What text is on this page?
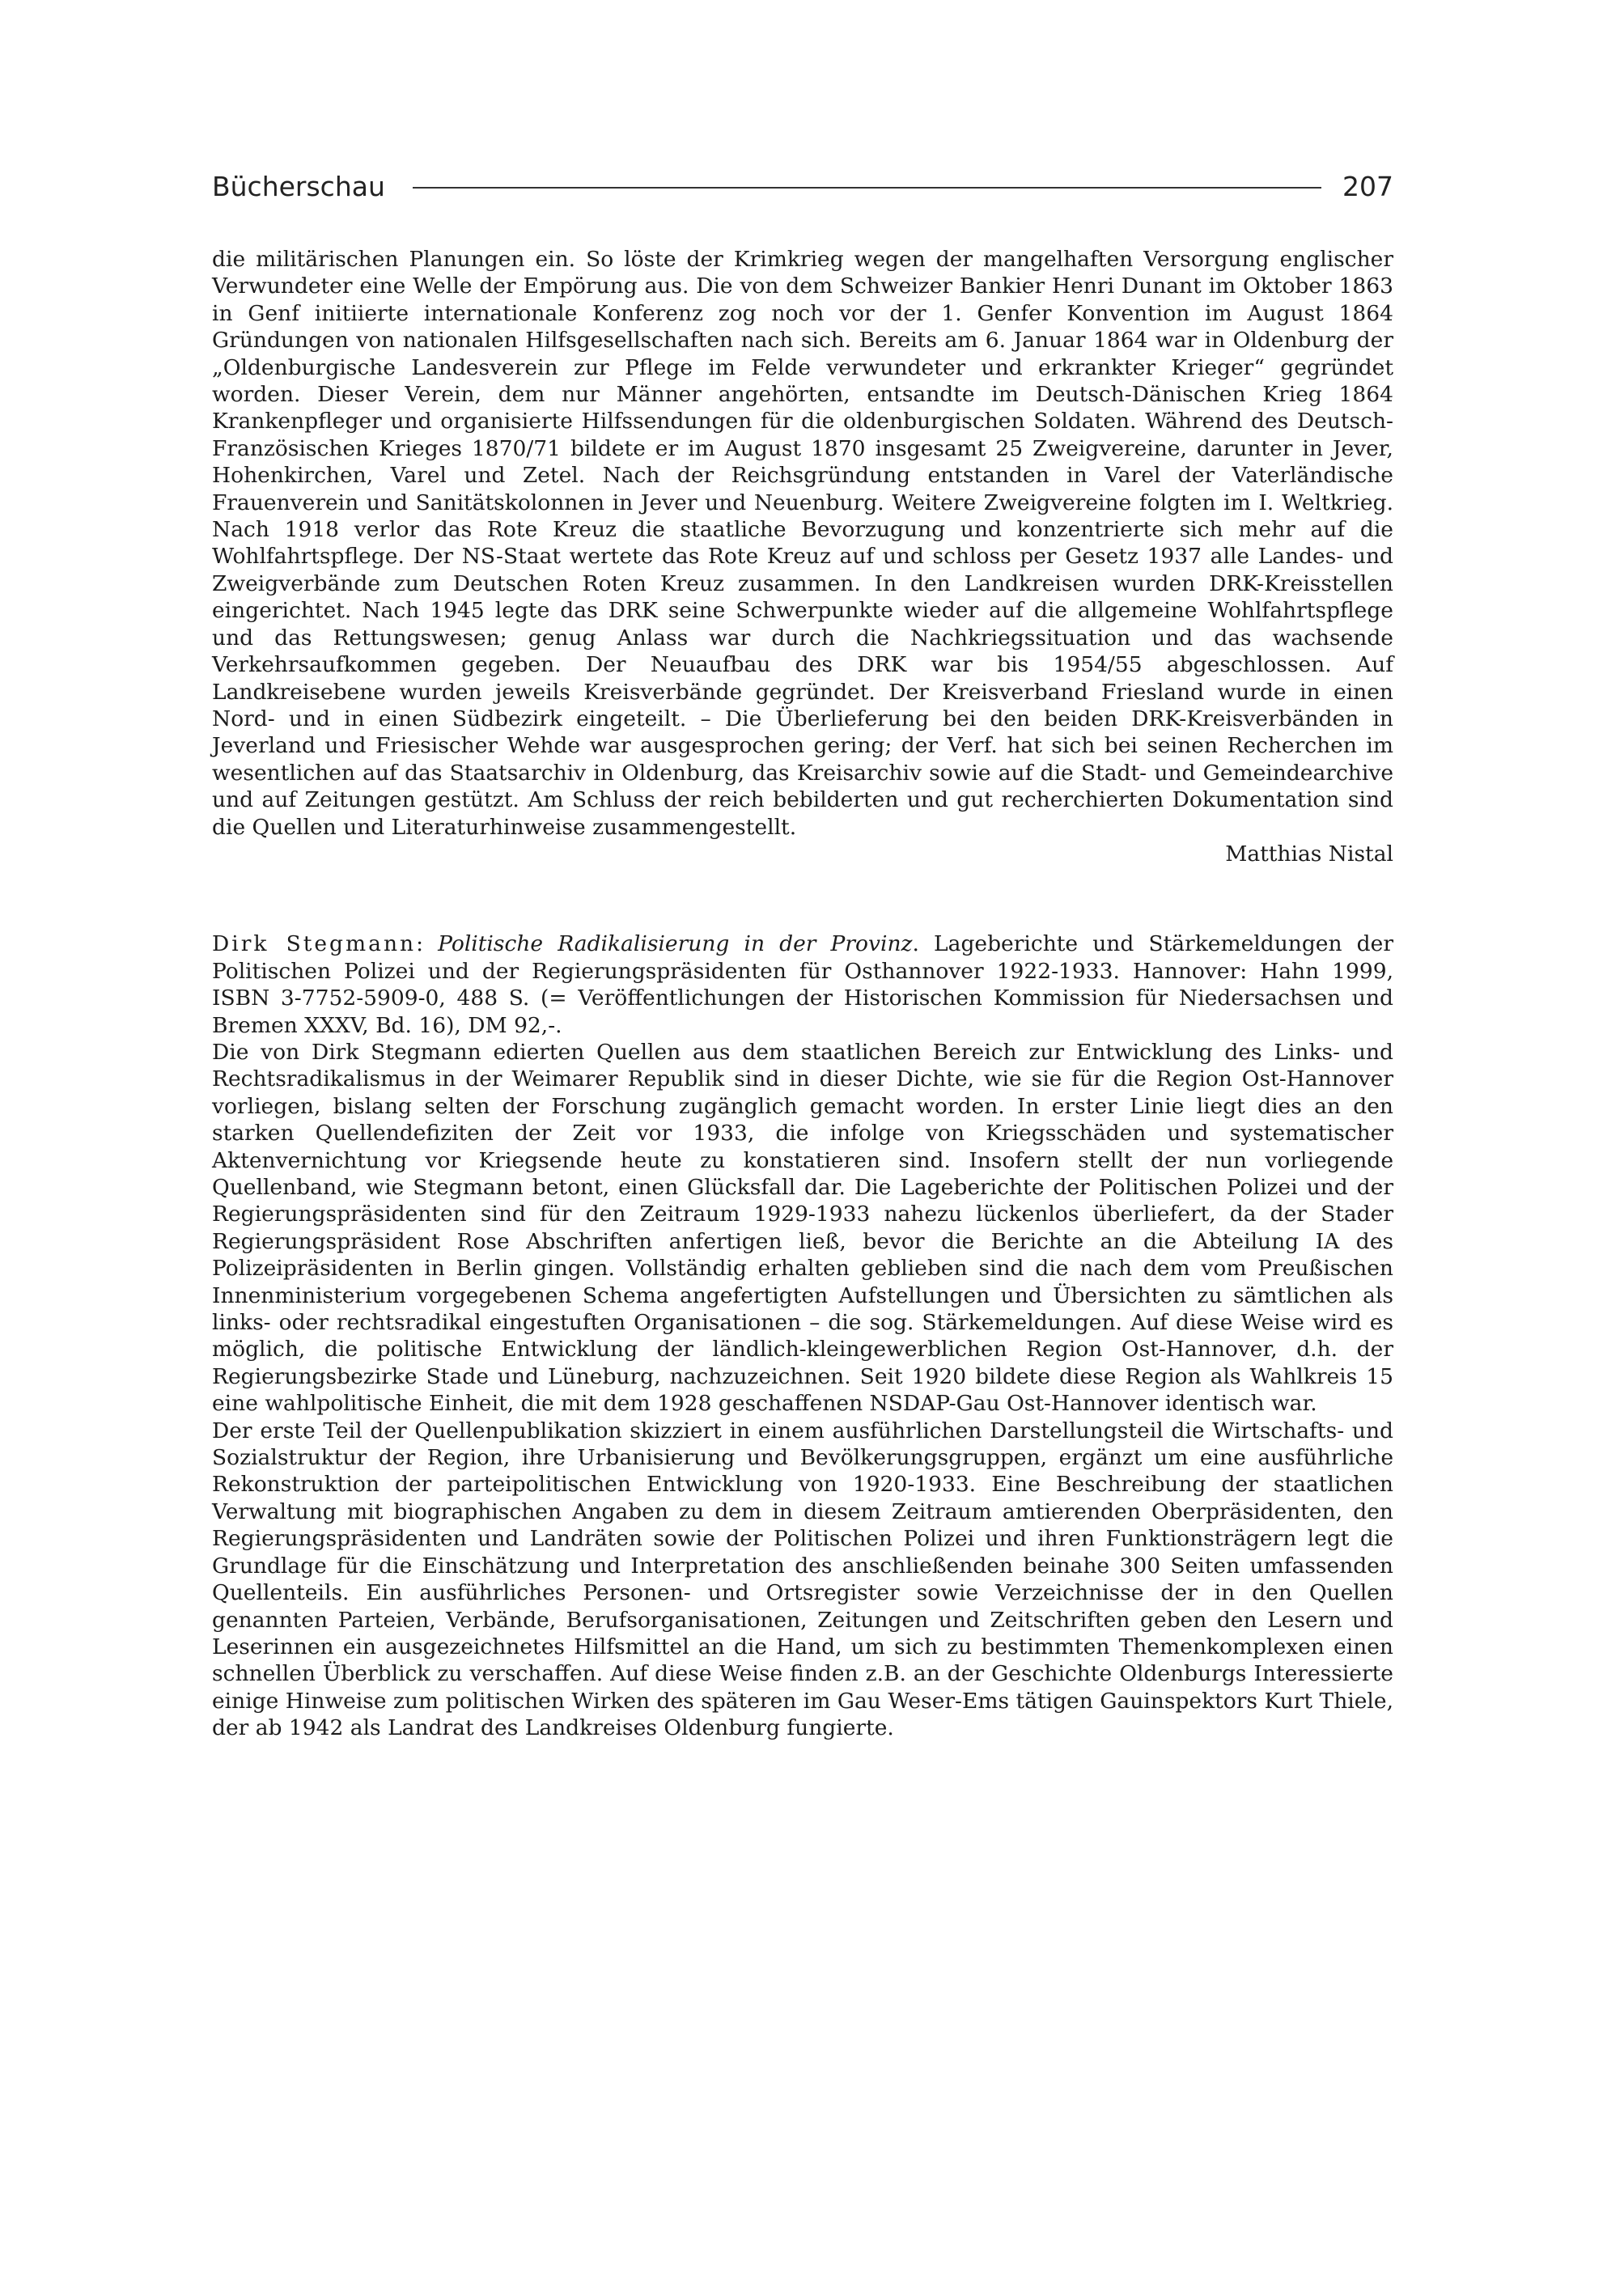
Bücherschau	207

die militärischen Planungen ein. So löste der Krimkrieg wegen der mangelhaften Versorgung englischer Verwundeter eine Welle der Empörung aus. Die von dem Schweizer Bankier Henri Dunant im Oktober 1863 in Genf initiierte internationale Konferenz zog noch vor der 1. Genfer Konvention im August 1864 Gründungen von nationalen Hilfsgesellschaften nach sich. Bereits am 6. Januar 1864 war in Oldenburg der „Oldenburgische Landesverein zur Pflege im Felde verwundeter und erkrankter Krieger“ gegründet worden. Dieser Verein, dem nur Männer angehörten, entsandte im Deutsch-Dänischen Krieg 1864 Krankenpfleger und organisierte Hilfssendungen für die oldenburgischen Soldaten. Während des Deutsch-Französischen Krieges 1870/71 bildete er im August 1870 insgesamt 25 Zweigvereine, darunter in Jever, Hohenkirchen, Varel und Zetel. Nach der Reichsgründung entstanden in Varel der Vaterländische Frauenverein und Sanitätskolonnen in Jever und Neuenburg. Weitere Zweigvereine folgten im I. Weltkrieg. Nach 1918 verlor das Rote Kreuz die staatliche Bevorzugung und konzentrierte sich mehr auf die Wohlfahrtspflege. Der NS-Staat wertete das Rote Kreuz auf und schloss per Gesetz 1937 alle Landes- und Zweigverbände zum Deutschen Roten Kreuz zusammen. In den Landkreisen wurden DRK-Kreisstellen eingerichtet. Nach 1945 legte das DRK seine Schwerpunkte wieder auf die allgemeine Wohlfahrtspflege und das Rettungswesen; genug Anlass war durch die Nachkriegssituation und das wachsende Verkehrsaufkommen gegeben. Der Neuaufbau des DRK war bis 1954/55 abgeschlossen. Auf Landkreisebene wurden jeweils Kreisverbände gegründet. Der Kreisverband Friesland wurde in einen Nord- und in einen Südbezirk eingeteilt. – Die Überlieferung bei den beiden DRK-Kreisverbänden in Jeverland und Friesischer Wehde war ausgesprochen gering; der Verf. hat sich bei seinen Recherchen im wesentlichen auf das Staatsarchiv in Oldenburg, das Kreisarchiv sowie auf die Stadt- und Gemeindearchive und auf Zeitungen gestützt. Am Schluss der reich bebilderten und gut recherchierten Dokumentation sind die Quellen und Literaturhinweise zusammengestellt.

Matthias Nistal

Dirk Stegmann: Politische Radikalisierung in der Provinz. Lageberichte und Stärkemeldungen der Politischen Polizei und der Regierungspräsidenten für Osthannover 1922-1933. Hannover: Hahn 1999, ISBN 3-7752-5909-0, 488 S. (= Veröffentlichungen der Historischen Kommission für Niedersachsen und Bremen XXXV, Bd. 16), DM 92,-.

Die von Dirk Stegmann edierten Quellen aus dem staatlichen Bereich zur Entwicklung des Links- und Rechtsradikalismus in der Weimarer Republik sind in dieser Dichte, wie sie für die Region Ost-Hannover vorliegen, bislang selten der Forschung zugänglich gemacht worden. In erster Linie liegt dies an den starken Quellendefiziten der Zeit vor 1933, die infolge von Kriegsschäden und systematischer Aktenvernichtung vor Kriegsende heute zu konstatieren sind. Insofern stellt der nun vorliegende Quellenband, wie Stegmann betont, einen Glücksfall dar. Die Lageberichte der Politischen Polizei und der Regierungspräsidenten sind für den Zeitraum 1929-1933 nahezu lückenlos überliefert, da der Stader Regierungspräsident Rose Abschriften anfertigen ließ, bevor die Berichte an die Abteilung IA des Polizeipräsidenten in Berlin gingen. Vollständig erhalten geblieben sind die nach dem vom Preußischen Innenministerium vorgegebenen Schema angefertigten Aufstellungen und Übersichten zu sämtlichen als links- oder rechtsradikal eingestuften Organisationen – die sog. Stärkemeldungen. Auf diese Weise wird es möglich, die politische Entwicklung der ländlich-kleingewerblichen Region Ost-Hannover, d.h. der Regierungsbezirke Stade und Lüneburg, nachzuzeichnen. Seit 1920 bildete diese Region als Wahlkreis 15 eine wahlpolitische Einheit, die mit dem 1928 geschaffenen NSDAP-Gau Ost-Hannover identisch war.

Der erste Teil der Quellenpublikation skizziert in einem ausführlichen Darstellungsteil die Wirtschafts- und Sozialstruktur der Region, ihre Urbanisierung und Bevölkerungsgruppen, ergänzt um eine ausführliche Rekonstruktion der parteipolitischen Entwicklung von 1920-1933. Eine Beschreibung der staatlichen Verwaltung mit biographischen Angaben zu dem in diesem Zeitraum amtierenden Oberpräsidenten, den Regierungspräsidenten und Landräten sowie der Politischen Polizei und ihren Funktionsträgern legt die Grundlage für die Einschätzung und Interpretation des anschließenden beinahe 300 Seiten umfassenden Quellenteils. Ein ausführliches Personen- und Ortsregister sowie Verzeichnisse der in den Quellen genannten Parteien, Verbände, Berufsorganisationen, Zeitungen und Zeitschriften geben den Lesern und Leserinnen ein ausgezeichnetes Hilfsmittel an die Hand, um sich zu bestimmten Themenkomplexen einen schnellen Überblick zu verschaffen. Auf diese Weise finden z.B. an der Geschichte Oldenburgs Interessierte einige Hinweise zum politischen Wirken des späteren im Gau Weser-Ems tätigen Gauinspektors Kurt Thiele, der ab 1942 als Landrat des Landkreises Oldenburg fungierte.
